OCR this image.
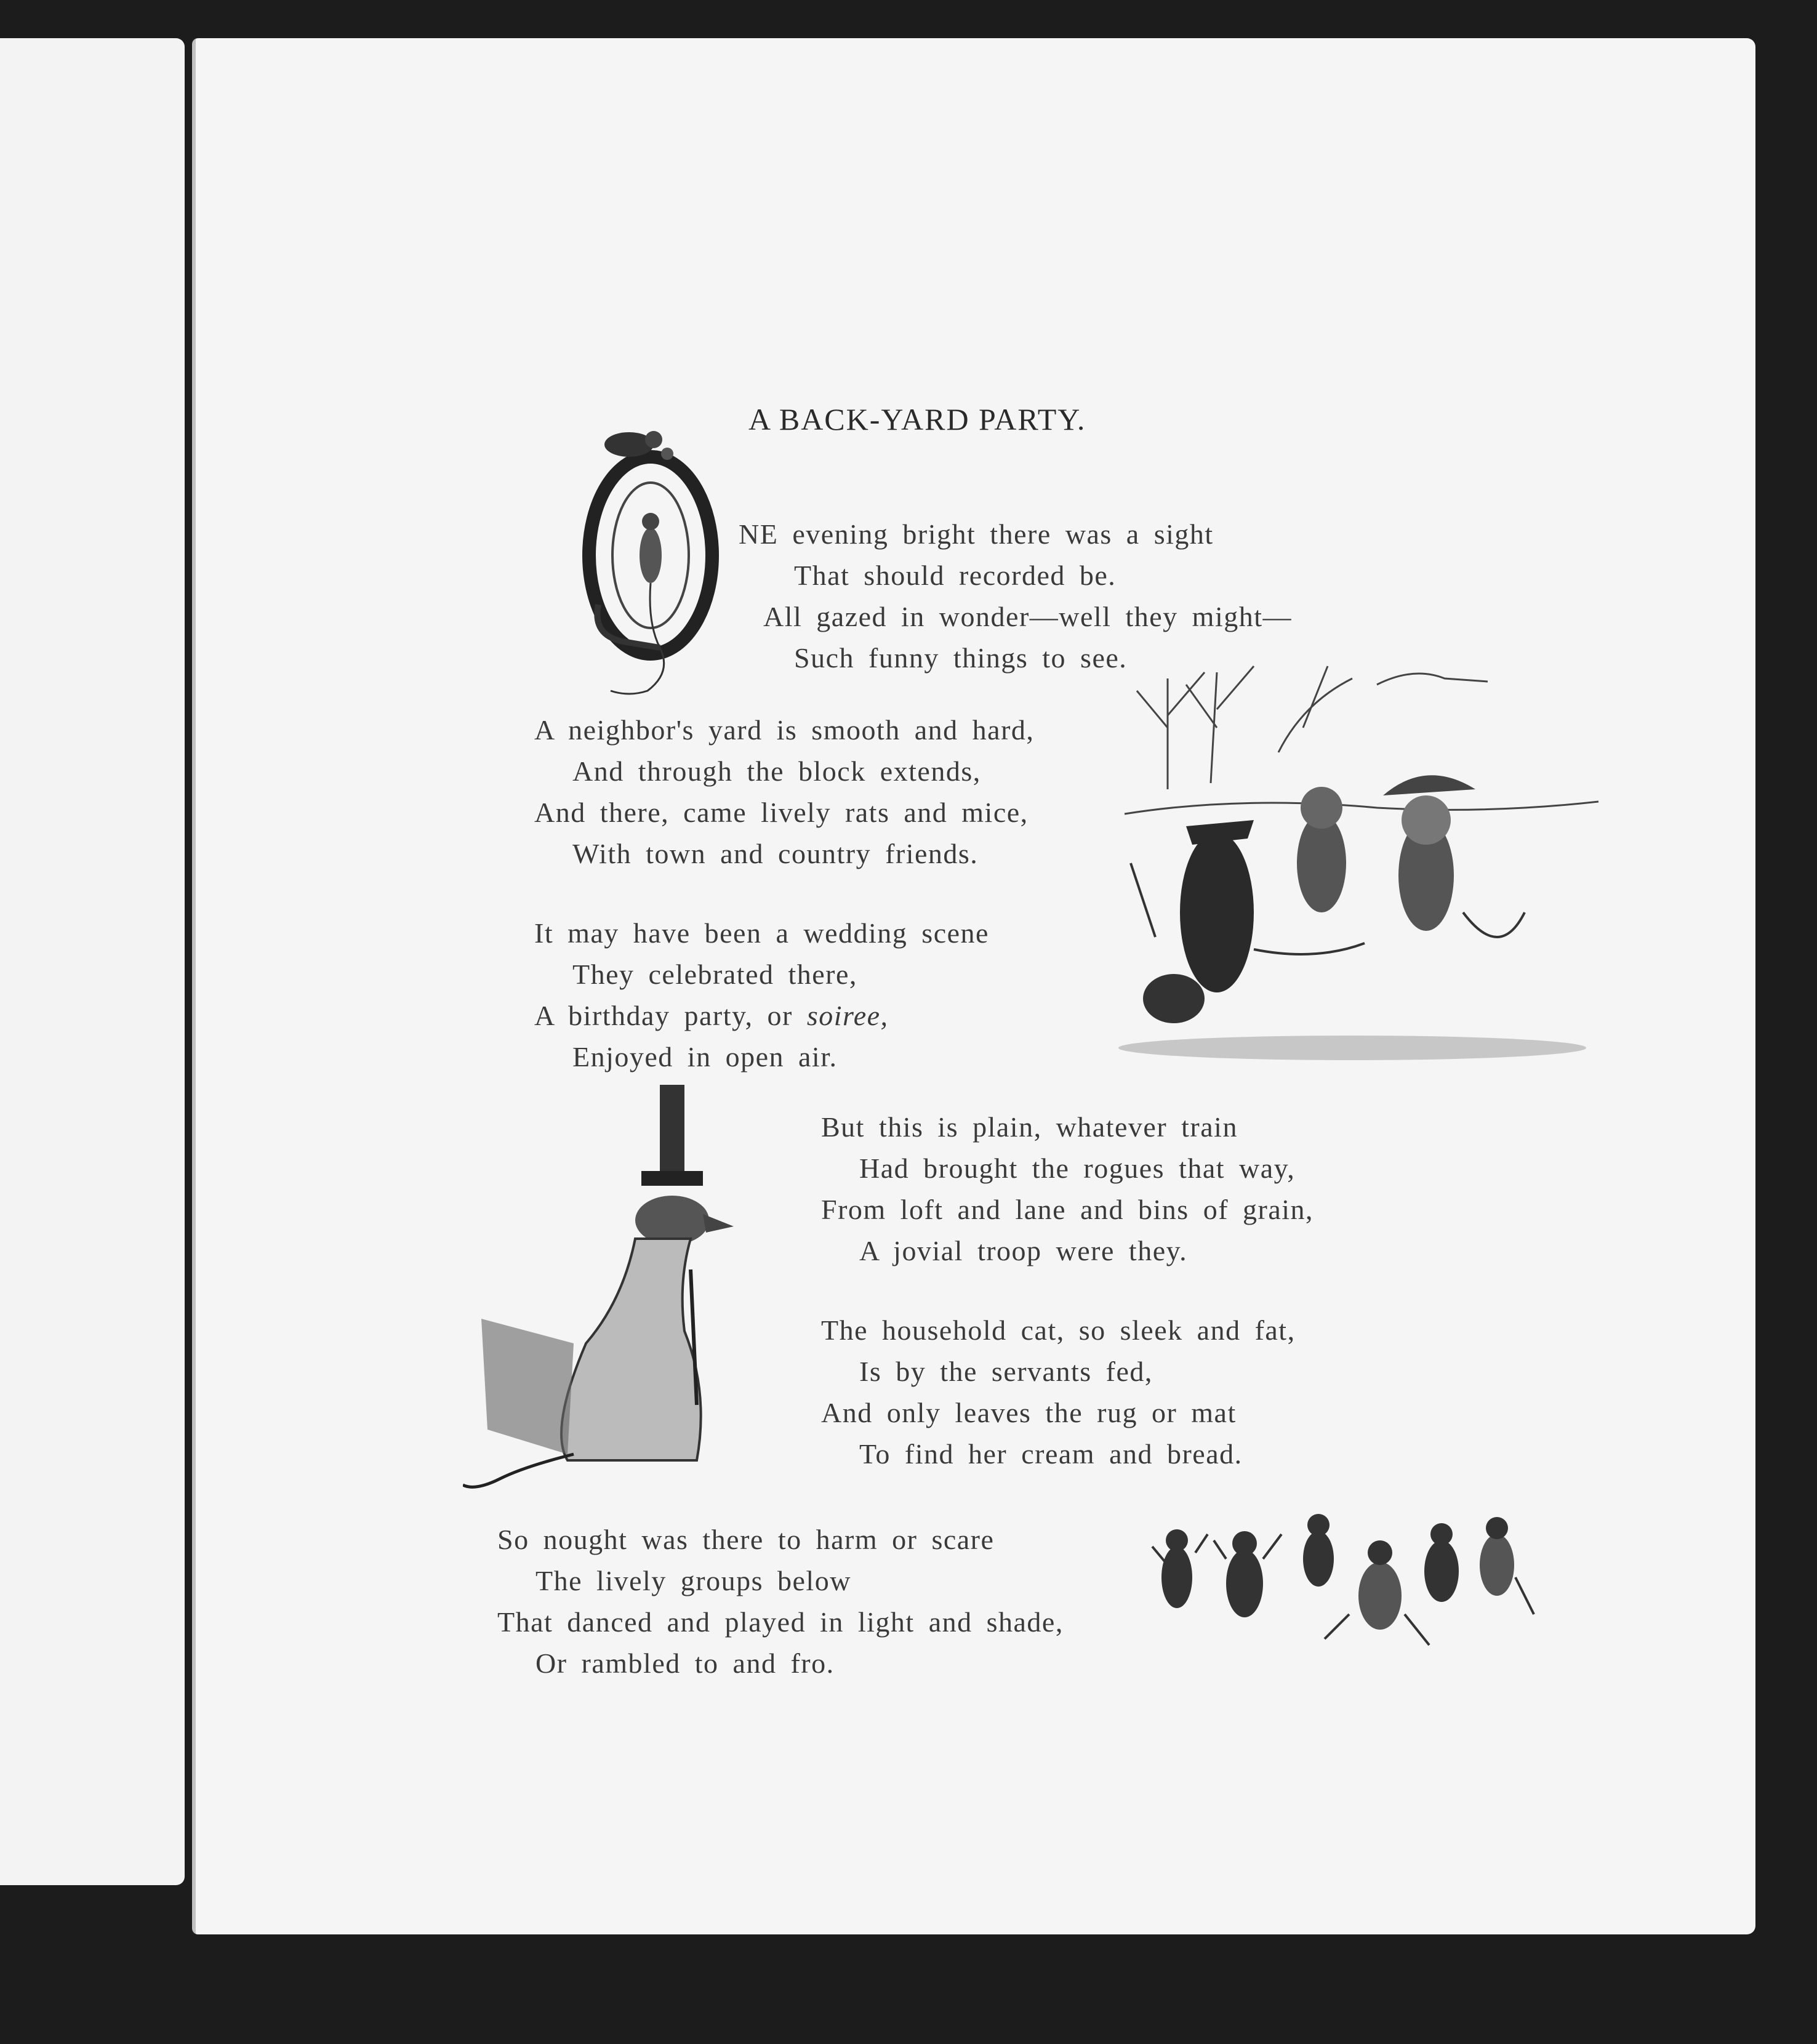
A BACK-YARD PARTY.
NE evening bright there was a sight
That should recorded be.
All gazed in wonder—well they might—
Such funny things to see.
A neighbor's yard is smooth and hard,
And through the block extends,
And there, came lively rats and mice,
With town and country friends.
It may have been a wedding scene
They celebrated there,
A birthday party, or soiree,
Enjoyed in open air.
But this is plain, whatever train
Had brought the rogues that way,
From loft and lane and bins of grain,
A jovial troop were they.
The household cat, so sleek and fat,
Is by the servants fed,
And only leaves the rug or mat
To find her cream and bread.
So nought was there to harm or scare
The lively groups below
That danced and played in light and shade,
Or rambled to and fro.
